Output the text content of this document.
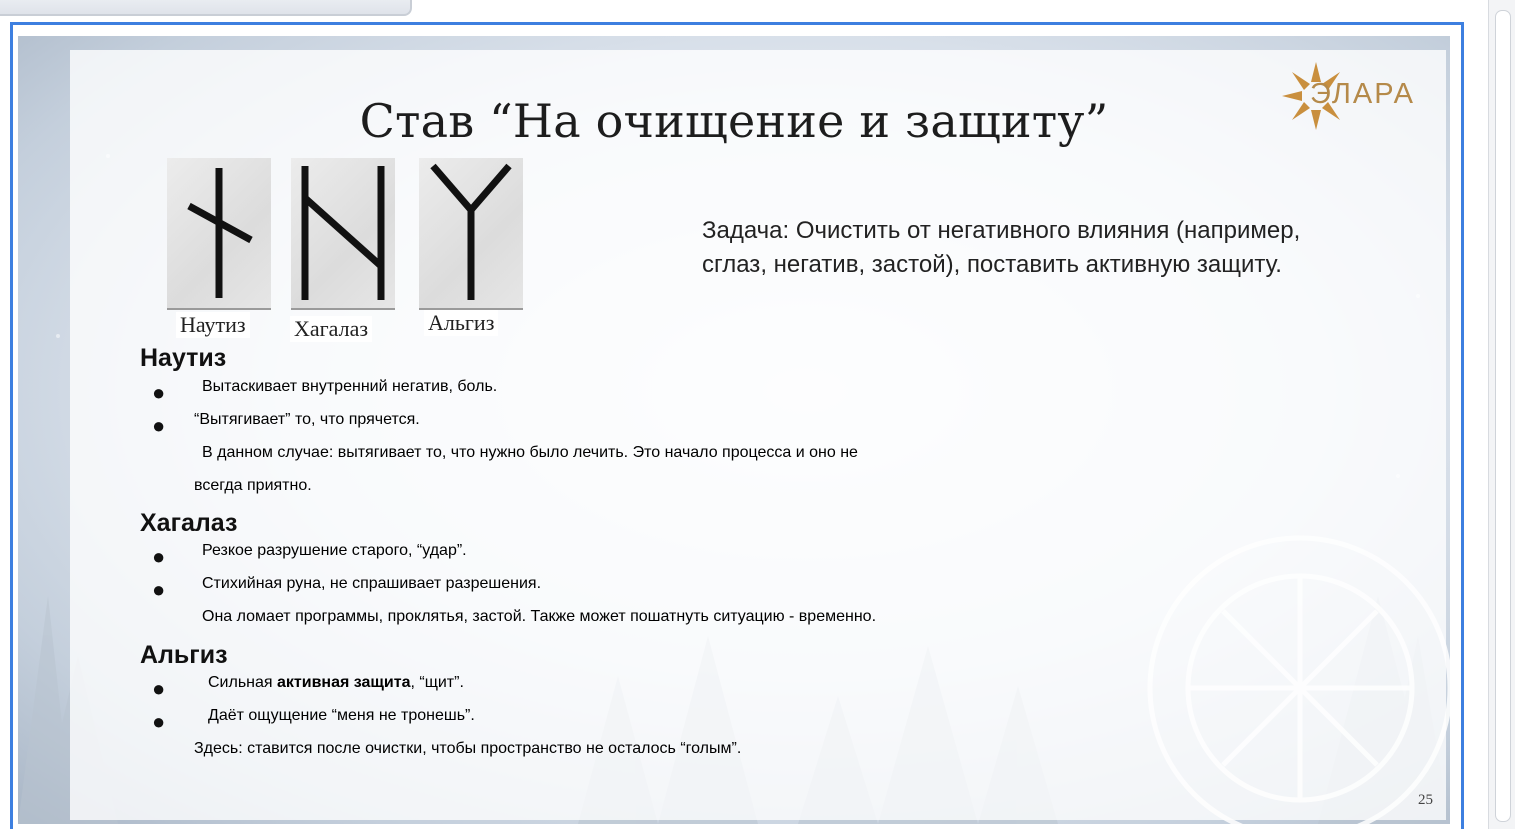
Став “На очищение и защиту”	ЭЛАРА
Наутиз Хагалаз	Альгиз
Задача: Очистить от негативного влияния (например, сглаз, негатив, застой), поставить активную защиту.
Наутиз
● Вытаскивает внутренний негатив, боль.
● “Вытягивает” то, что прячется.
В данном случае: вытягивает то, что нужно было лечить. Это начало процесса и оно не
всегда приятно.
Хагалаз
● Резкое разрушение старого, “удар”.
● Стихийная руна, не спрашивает разрешения.
Она ломает программы, проклятья, застой. Также может пошатнуть ситуацию - временно.
Альгиз
●	Сильная активная защита, “щит”.
●	Даёт ощущение “меня не тронешь”.
Здесь: ставится после очистки, чтобы пространство не осталось “голым”.
25
